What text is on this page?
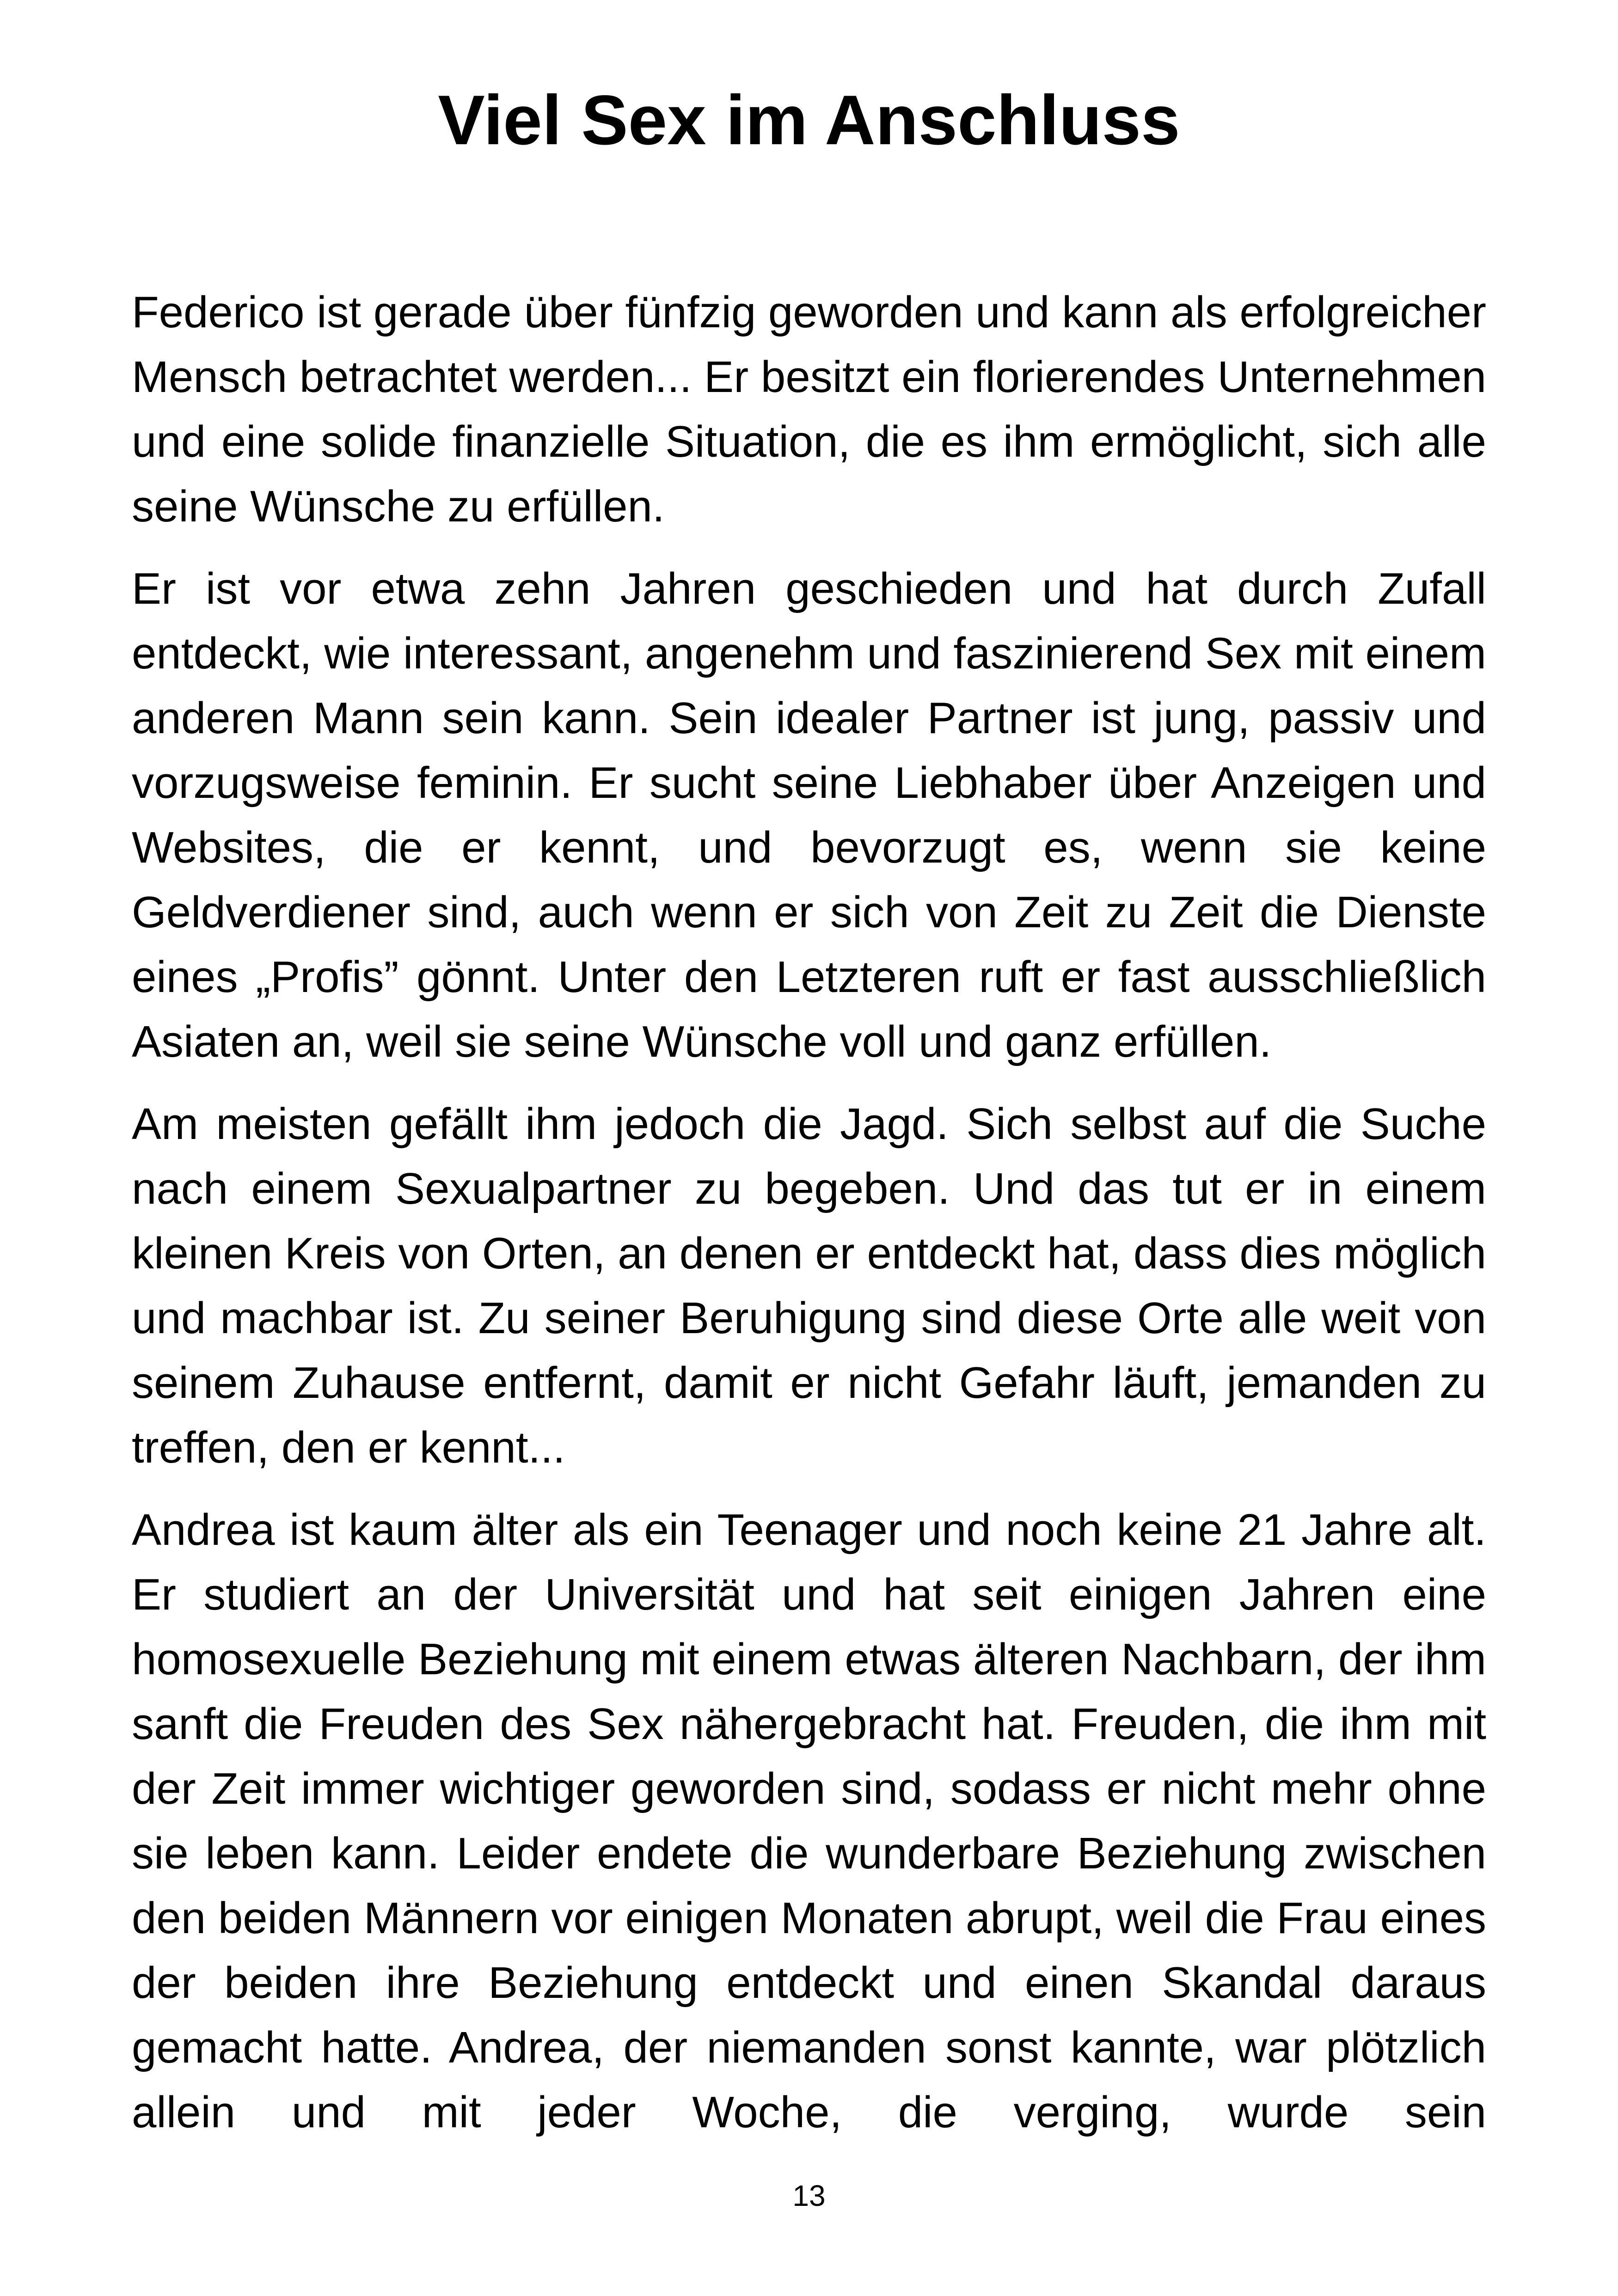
Viel Sex im Anschluss

Federico ist gerade über fünfzig geworden und kann als erfolgreicher Mensch betrachtet werden... Er besitzt ein florierendes Unternehmen und eine solide finanzielle Situation, die es ihm ermöglicht, sich alle seine Wünsche zu erfüllen.

Er ist vor etwa zehn Jahren geschieden und hat durch Zufall entdeckt, wie interessant, angenehm und faszinierend Sex mit einem anderen Mann sein kann. Sein idealer Partner ist jung, passiv und vorzugsweise feminin. Er sucht seine Liebhaber über Anzeigen und Websites, die er kennt, und bevorzugt es, wenn sie keine Geldverdiener sind, auch wenn er sich von Zeit zu Zeit die Dienste eines „Profis” gönnt. Unter den Letzteren ruft er fast ausschließlich Asiaten an, weil sie seine Wünsche voll und ganz erfüllen.

Am meisten gefällt ihm jedoch die Jagd. Sich selbst auf die Suche nach einem Sexualpartner zu begeben. Und das tut er in einem kleinen Kreis von Orten, an denen er entdeckt hat, dass dies möglich und machbar ist. Zu seiner Beruhigung sind diese Orte alle weit von seinem Zuhause entfernt, damit er nicht Gefahr läuft, jemanden zu treffen, den er kennt...

Andrea ist kaum älter als ein Teenager und noch keine 21 Jahre alt. Er studiert an der Universität und hat seit einigen Jahren eine homosexuelle Beziehung mit einem etwas älteren Nachbarn, der ihm sanft die Freuden des Sex nähergebracht hat. Freuden, die ihm mit der Zeit immer wichtiger geworden sind, sodass er nicht mehr ohne sie leben kann. Leider endete die wunderbare Beziehung zwischen den beiden Männern vor einigen Monaten abrupt, weil die Frau eines der beiden ihre Beziehung entdeckt und einen Skandal daraus gemacht hatte. Andrea, der niemanden sonst kannte, war plötzlich allein und mit jeder Woche, die verging, wurde sein

13
